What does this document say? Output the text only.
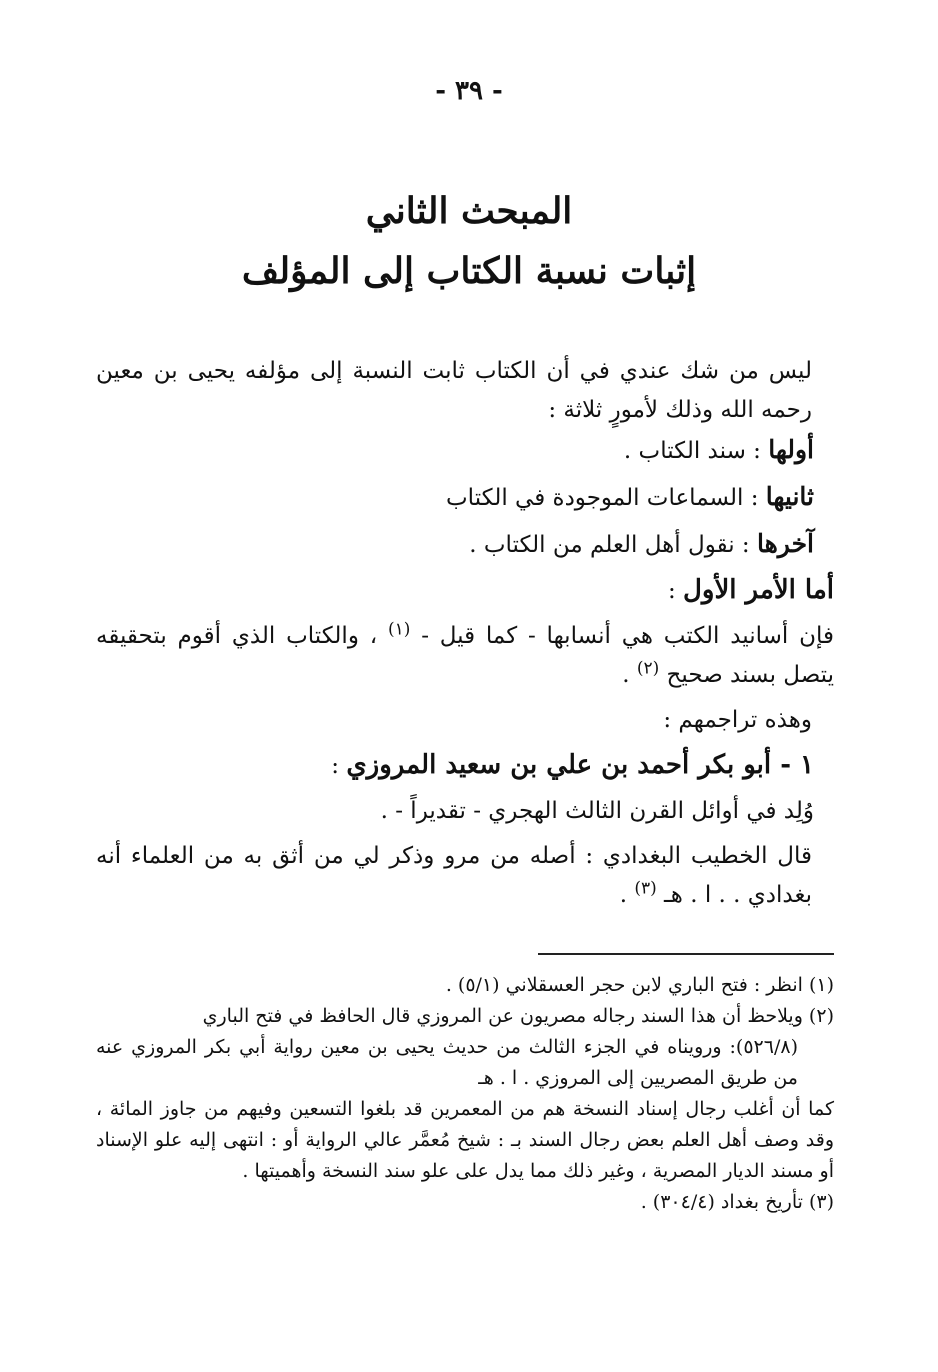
- ٣٩ -
المبحث الثاني
إثبات نسبة الكتاب إلى المؤلف

ليس من شك عندي في أن الكتاب ثابت النسبة إلى مؤلفه يحيى بن معين رحمه الله وذلك لأمورٍ ثلاثة :

أولها : سند الكتاب .

ثانيها : السماعات الموجودة في الكتاب

آخرها : نقول أهل العلم من الكتاب .

أما الأمر الأول :

فإن أسانيد الكتب هي أنسابها - كما قيل - $^{(١)}$ ، والكتاب الذي أقوم بتحقيقه يتصل بسند صحيح $^{(٢)}$ .

وهذه تراجمهم :

١ - أبو بكر أحمد بن علي بن سعيد المروزي :

وُلِد في أوائل القرن الثالث الهجري - تقديراً - .

قال الخطيب البغدادي : أصله من مرو وذكر لي من أثق به من العلماء أنه بغدادي . . ا . هـ $^{(٣)}$ .

(١) انظر : فتح الباري لابن حجر العسقلاني (٥/١) .

(٢) ويلاحظ أن هذا السند رجاله مصريون عن المروزي قال الحافظ في فتح الباري

(٥٢٦/٨): ورويناه في الجزء الثالث من حديث يحيى بن معين رواية أبي بكر المروزي عنه من طريق المصريين إلى المروزي . ا . هـ

كما أن أغلب رجال إسناد النسخة هم من المعمرين قد بلغوا التسعين وفيهم من جاوز المائة ، وقد وصف أهل العلم بعض رجال السند بـ : شيخ مُعمَّر عالي الرواية أو : انتهى إليه علو الإسناد أو مسند الديار المصرية ، وغير ذلك مما يدل على علو سند النسخة وأهميتها .

(٣) تأريخ بغداد (٣٠٤/٤) .
